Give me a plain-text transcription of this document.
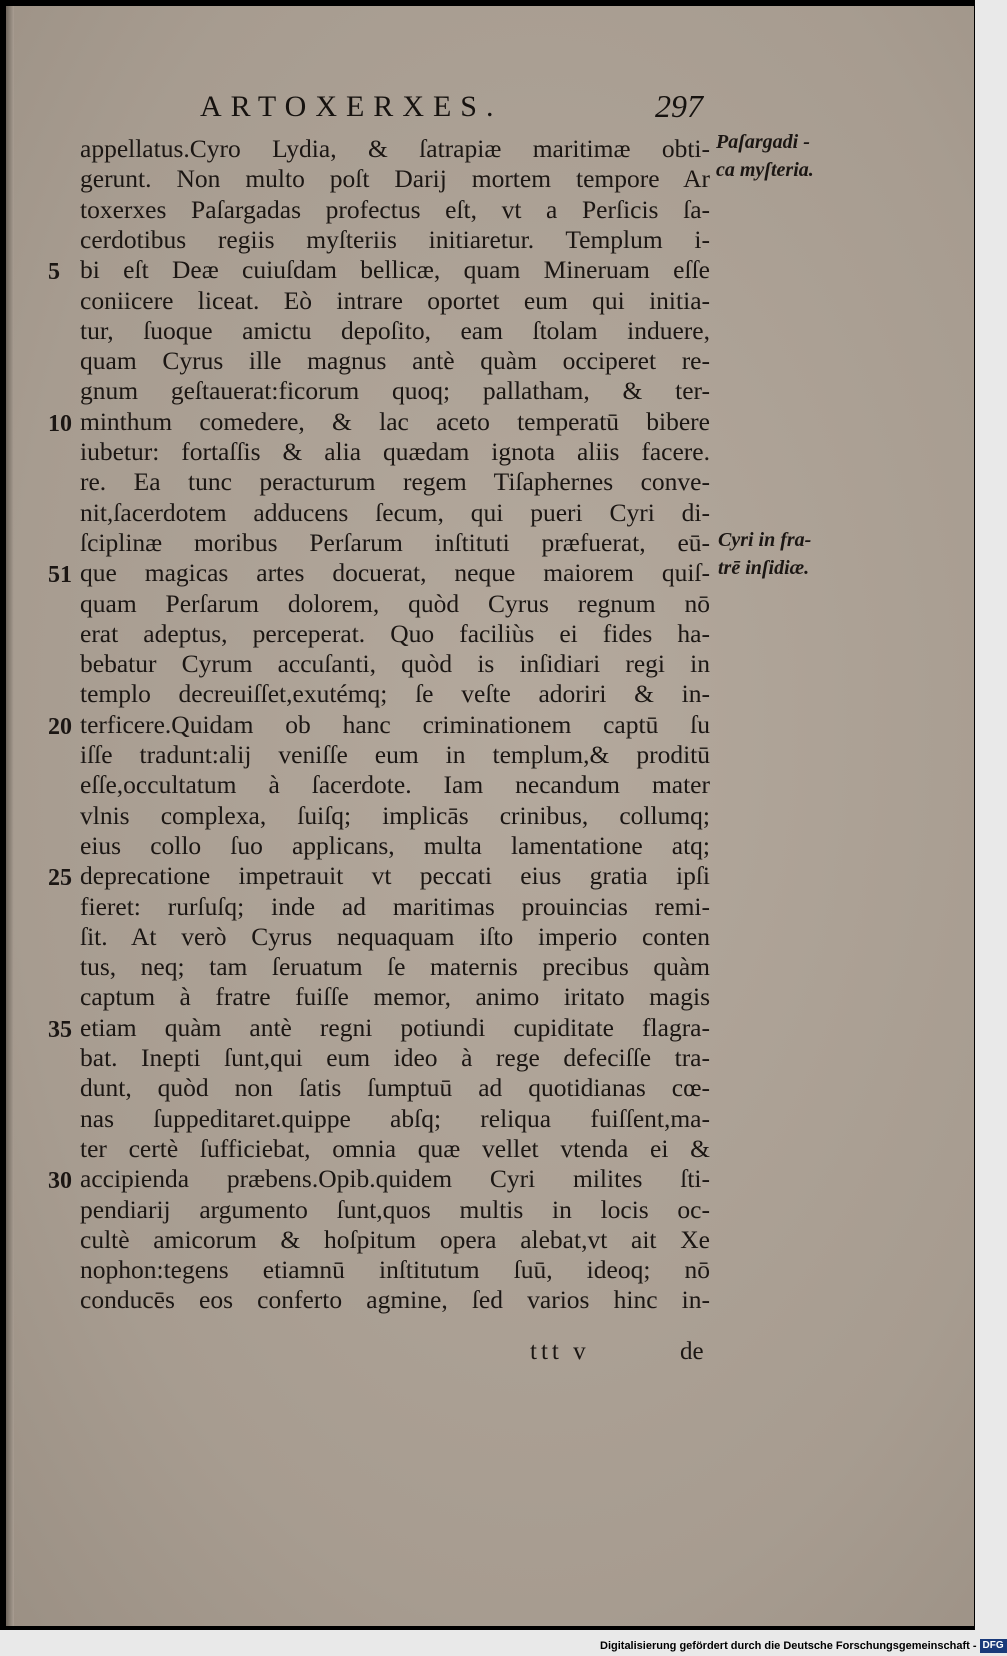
ARTOXERXES.	297
appellatus.Cyro Lydia, & ſatrapiæ maritimæ obti-
gerunt. Non multo poſt Darij mortem tempore Ar
toxerxes Paſargadas profectus eſt, vt a Perſicis ſa-
cerdotibus regiis myſteriis initiaretur. Templum i-
bi eſt Deæ cuiuſdam bellicæ, quam Mineruam eſſe
coniicere liceat. Eò intrare oportet eum qui initia-
tur, ſuoque amictu depoſito, eam ſtolam induere,
quam Cyrus ille magnus antè quàm occiperet re-
gnum geſtauerat:ficorum quoq; pallatham, & ter-
minthum comedere, & lac aceto temperatū bibere
iubetur: fortaſſis & alia quædam ignota aliis facere.
re. Ea tunc peracturum regem Tiſaphernes conve-
nit,ſacerdotem adducens ſecum, qui pueri Cyri di-
ſciplinæ moribus Perſarum inſtituti præfuerat, eū-
que magicas artes docuerat, neque maiorem quiſ-
quam Perſarum dolorem, quòd Cyrus regnum nō
erat adeptus, perceperat. Quo faciliùs ei fides ha-
bebatur Cyrum accuſanti, quòd is inſidiari regi in
templo decreuiſſet,exutémq; ſe veſte adoriri & in-
terficere.Quidam ob hanc criminationem captū ſu
iſſe tradunt:alij veniſſe eum in templum,& proditū
eſſe,occultatum à ſacerdote. Iam necandum mater
vlnis complexa, ſuiſq; implicās crinibus, collumq;
eius collo ſuo applicans, multa lamentatione atq;
deprecatione impetrauit vt peccati eius gratia ipſi
fieret: rurſuſq; inde ad maritimas prouincias remi-
ſit. At verò Cyrus nequaquam iſto imperio conten
tus, neq; tam ſeruatum ſe maternis precibus quàm
captum à fratre fuiſſe memor, animo iritato magis
etiam quàm antè regni potiundi cupiditate flagra-
bat. Inepti ſunt,qui eum ideo à rege defeciſſe tra-
dunt, quòd non ſatis ſumptuū ad quotidianas cœ-
nas ſuppeditaret.quippe abſq; reliqua fuiſſent,ma-
ter certè ſufficiebat, omnia quæ vellet vtenda ei &
accipienda præbens.Opib.quidem Cyri milites ſti-
pendiarij argumento ſunt,quos multis in locis oc-
cultè amicorum & hoſpitum opera alebat,vt ait Xe
nophon:tegens etiamnū inſtitutum ſuū, ideoq; nō
conducēs eos conferto agmine, ſed varios hinc in-
ttt v	de
5
10
51
20
25
35
30
Paſargadi -
ca myſteria.
Cyri in fra-
trē inſidiæ.
Digitalisierung gefördert durch die Deutsche Forschungsgemeinschaft - DFG
